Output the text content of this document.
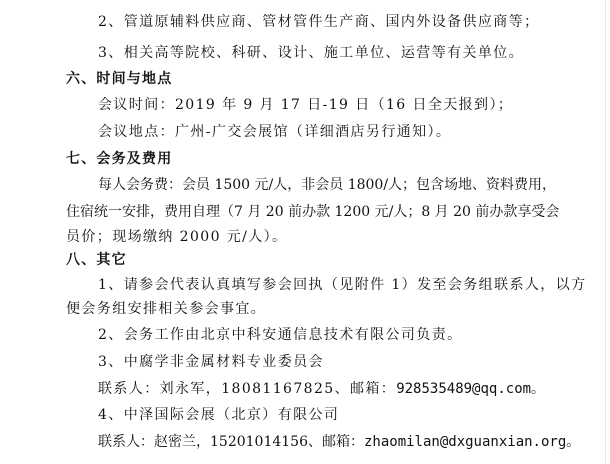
2、管道原辅料供应商、管材管件生产商、国内外设备供应商等；
3、相关高等院校、科研、设计、施工单位、运营等有关单位。
六、时间与地点
会议时间：2019 年 9 月 17 日-19 日（16 日全天报到）；
会议地点：广州-广交会展馆（详细酒店另行通知）。
七、会务及费用
每人会务费：会员 1500 元/人，非会员 1800/人；包含场地、资料费用，
住宿统一安排，费用自理（7 月 20 前办款 1200 元/人；8 月 20 前办款享受会
员价；现场缴纳 2000 元/人）。
八、其它
1、请参会代表认真填写参会回执（见附件 1）发至会务组联系人，以方
便会务组安排相关参会事宜。
2、会务工作由北京中科安通信息技术有限公司负责。
3、中腐学非金属材料专业委员会
联系人：刘永军，18081167825、邮箱：928535489@qq.com。
4、中泽国际会展（北京）有限公司
联系人：赵密兰，15201014156、邮箱：zhaomilan@dxguanxian.org。
